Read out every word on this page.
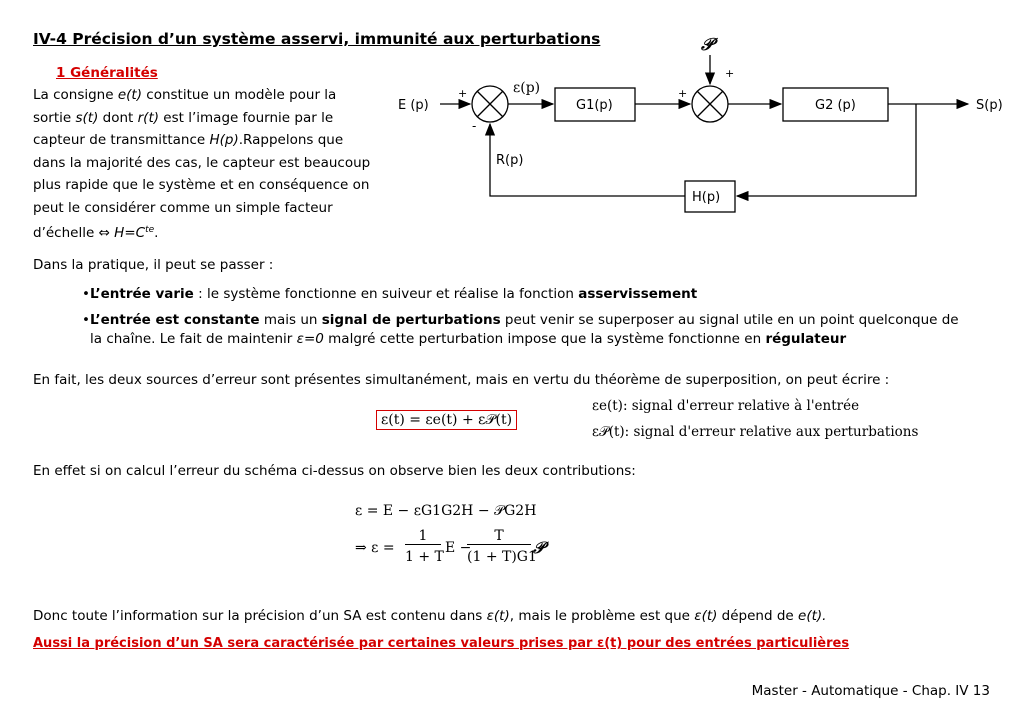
IV-4 Précision d’un système asservi, immunité aux perturbations
1 Généralités
La consigne e(t) constitue un modèle pour la
sortie s(t) dont r(t) est l’image fournie par le
capteur de transmittance H(p).Rappelons que
dans la majorité des cas, le capteur est beaucoup
plus rapide que le système et en conséquence on
peut le considérer comme un simple facteur
d’échelle ⇔ $H=C^{te}$.
E (p)	S(p)
R(p)
ε(p)
𝒫
G1(p)	G2 (p)
H(p)
+
-
+
+
Dans la pratique, il peut se passer :
•L’entrée varie : le système fonctionne en suiveur et réalise la fonction asservissement
•L’entrée est constante mais un signal de perturbations peut venir se superposer au signal utile en un point quelconque de
la chaîne. Le fait de maintenir ε=0 malgré cette perturbation impose que la système fonctionne en régulateur
En fait, les deux sources d’erreur sont présentes simultanément, mais en vertu du théorème de superposition, on peut écrire :
ε(t) = εe(t) + ε𝒫(t)
εe(t): signal d'erreur relative à l'entrée
ε𝒫(t): signal d'erreur relative aux perturbations
En effet si on calcul l’erreur du schéma ci-dessus on observe bien les deux contributions:
ε = E − εG1G2H − 𝒫G2H
⇒ ε =
1
1 + T
E −
T
(1 + T)G1
𝒫
Donc toute l’information sur la précision d’un SA est contenu dans ε(t), mais le problème est que ε(t) dépend de e(t).
Aussi la précision d’un SA sera caractérisée par certaines valeurs prises par ε(t) pour des entrées particulières
Master - Automatique - Chap. IV 13
